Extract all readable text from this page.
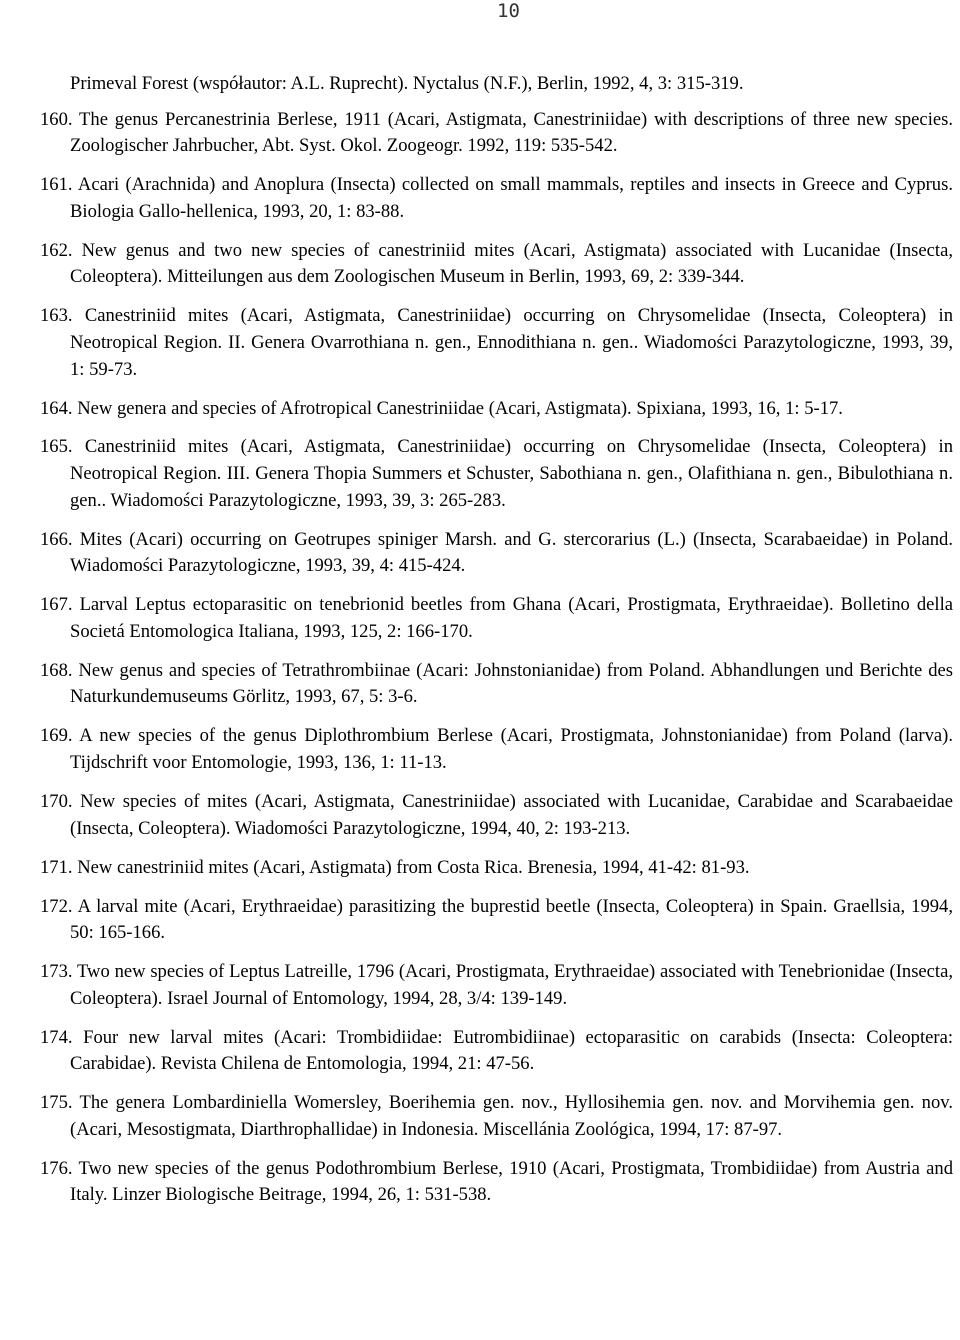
10

Primeval Forest (współautor: A.L. Ruprecht). Nyctalus (N.F.), Berlin, 1992, 4, 3: 315-319.

160. The genus Percanestrinia Berlese, 1911 (Acari, Astigmata, Canestriniidae) with descriptions of three new species. Zoologischer Jahrbucher, Abt. Syst. Okol. Zoogeogr. 1992, 119: 535-542.

161. Acari (Arachnida) and Anoplura (Insecta) collected on small mammals, reptiles and insects in Greece and Cyprus. Biologia Gallo-hellenica, 1993, 20, 1: 83-88.

162. New genus and two new species of canestriniid mites (Acari, Astigmata) associated with Lucanidae (Insecta, Coleoptera). Mitteilungen aus dem Zoologischen Museum in Berlin, 1993, 69, 2: 339-344.

163. Canestriniid mites (Acari, Astigmata, Canestriniidae) occurring on Chrysomelidae (Insecta, Coleoptera) in Neotropical Region. II. Genera Ovarrothiana n. gen., Ennodithiana n. gen.. Wiadomości Parazytologiczne, 1993, 39, 1: 59-73.

164. New genera and species of Afrotropical Canestriniidae (Acari, Astigmata). Spixiana, 1993, 16, 1: 5-17.

165. Canestriniid mites (Acari, Astigmata, Canestriniidae) occurring on Chrysomelidae (Insecta, Coleoptera) in Neotropical Region. III. Genera Thopia Summers et Schuster, Sabothiana n. gen., Olafithiana n. gen., Bibulothiana n. gen.. Wiadomości Parazytologiczne, 1993, 39, 3: 265-283.

166. Mites (Acari) occurring on Geotrupes spiniger Marsh. and G. stercorarius (L.) (Insecta, Scarabaeidae) in Poland. Wiadomości Parazytologiczne, 1993, 39, 4: 415-424.

167. Larval Leptus ectoparasitic on tenebrionid beetles from Ghana (Acari, Prostigmata, Erythraeidae). Bolletino della Societá Entomologica Italiana, 1993, 125, 2: 166-170.

168. New genus and species of Tetrathrombiinae (Acari: Johnstonianidae) from Poland. Abhandlungen und Berichte des Naturkundemuseums Görlitz, 1993, 67, 5: 3-6.

169. A new species of the genus Diplothrombium Berlese (Acari, Prostigmata, Johnstonianidae) from Poland (larva). Tijdschrift voor Entomologie, 1993, 136, 1: 11-13.

170. New species of mites (Acari, Astigmata, Canestriniidae) associated with Lucanidae, Carabidae and Scarabaeidae (Insecta, Coleoptera). Wiadomości Parazytologiczne, 1994, 40, 2: 193-213.

171. New canestriniid mites (Acari, Astigmata) from Costa Rica. Brenesia, 1994, 41-42: 81-93.

172. A larval mite (Acari, Erythraeidae) parasitizing the buprestid beetle (Insecta, Coleoptera) in Spain. Graellsia, 1994, 50: 165-166.

173. Two new species of Leptus Latreille, 1796 (Acari, Prostigmata, Erythraeidae) associated with Tenebrionidae (Insecta, Coleoptera). Israel Journal of Entomology, 1994, 28, 3/4: 139-149.

174. Four new larval mites (Acari: Trombidiidae: Eutrombidiinae) ectoparasitic on carabids (Insecta: Coleoptera: Carabidae). Revista Chilena de Entomologia, 1994, 21: 47-56.

175. The genera Lombardiniella Womersley, Boerihemia gen. nov., Hyllosihemia gen. nov. and Morvihemia gen. nov. (Acari, Mesostigmata, Diarthrophallidae) in Indonesia. Miscellánia Zoológica, 1994, 17: 87-97.

176. Two new species of the genus Podothrombium Berlese, 1910 (Acari, Prostigmata, Trombidiidae) from Austria and Italy. Linzer Biologische Beitrage, 1994, 26, 1: 531-538.
